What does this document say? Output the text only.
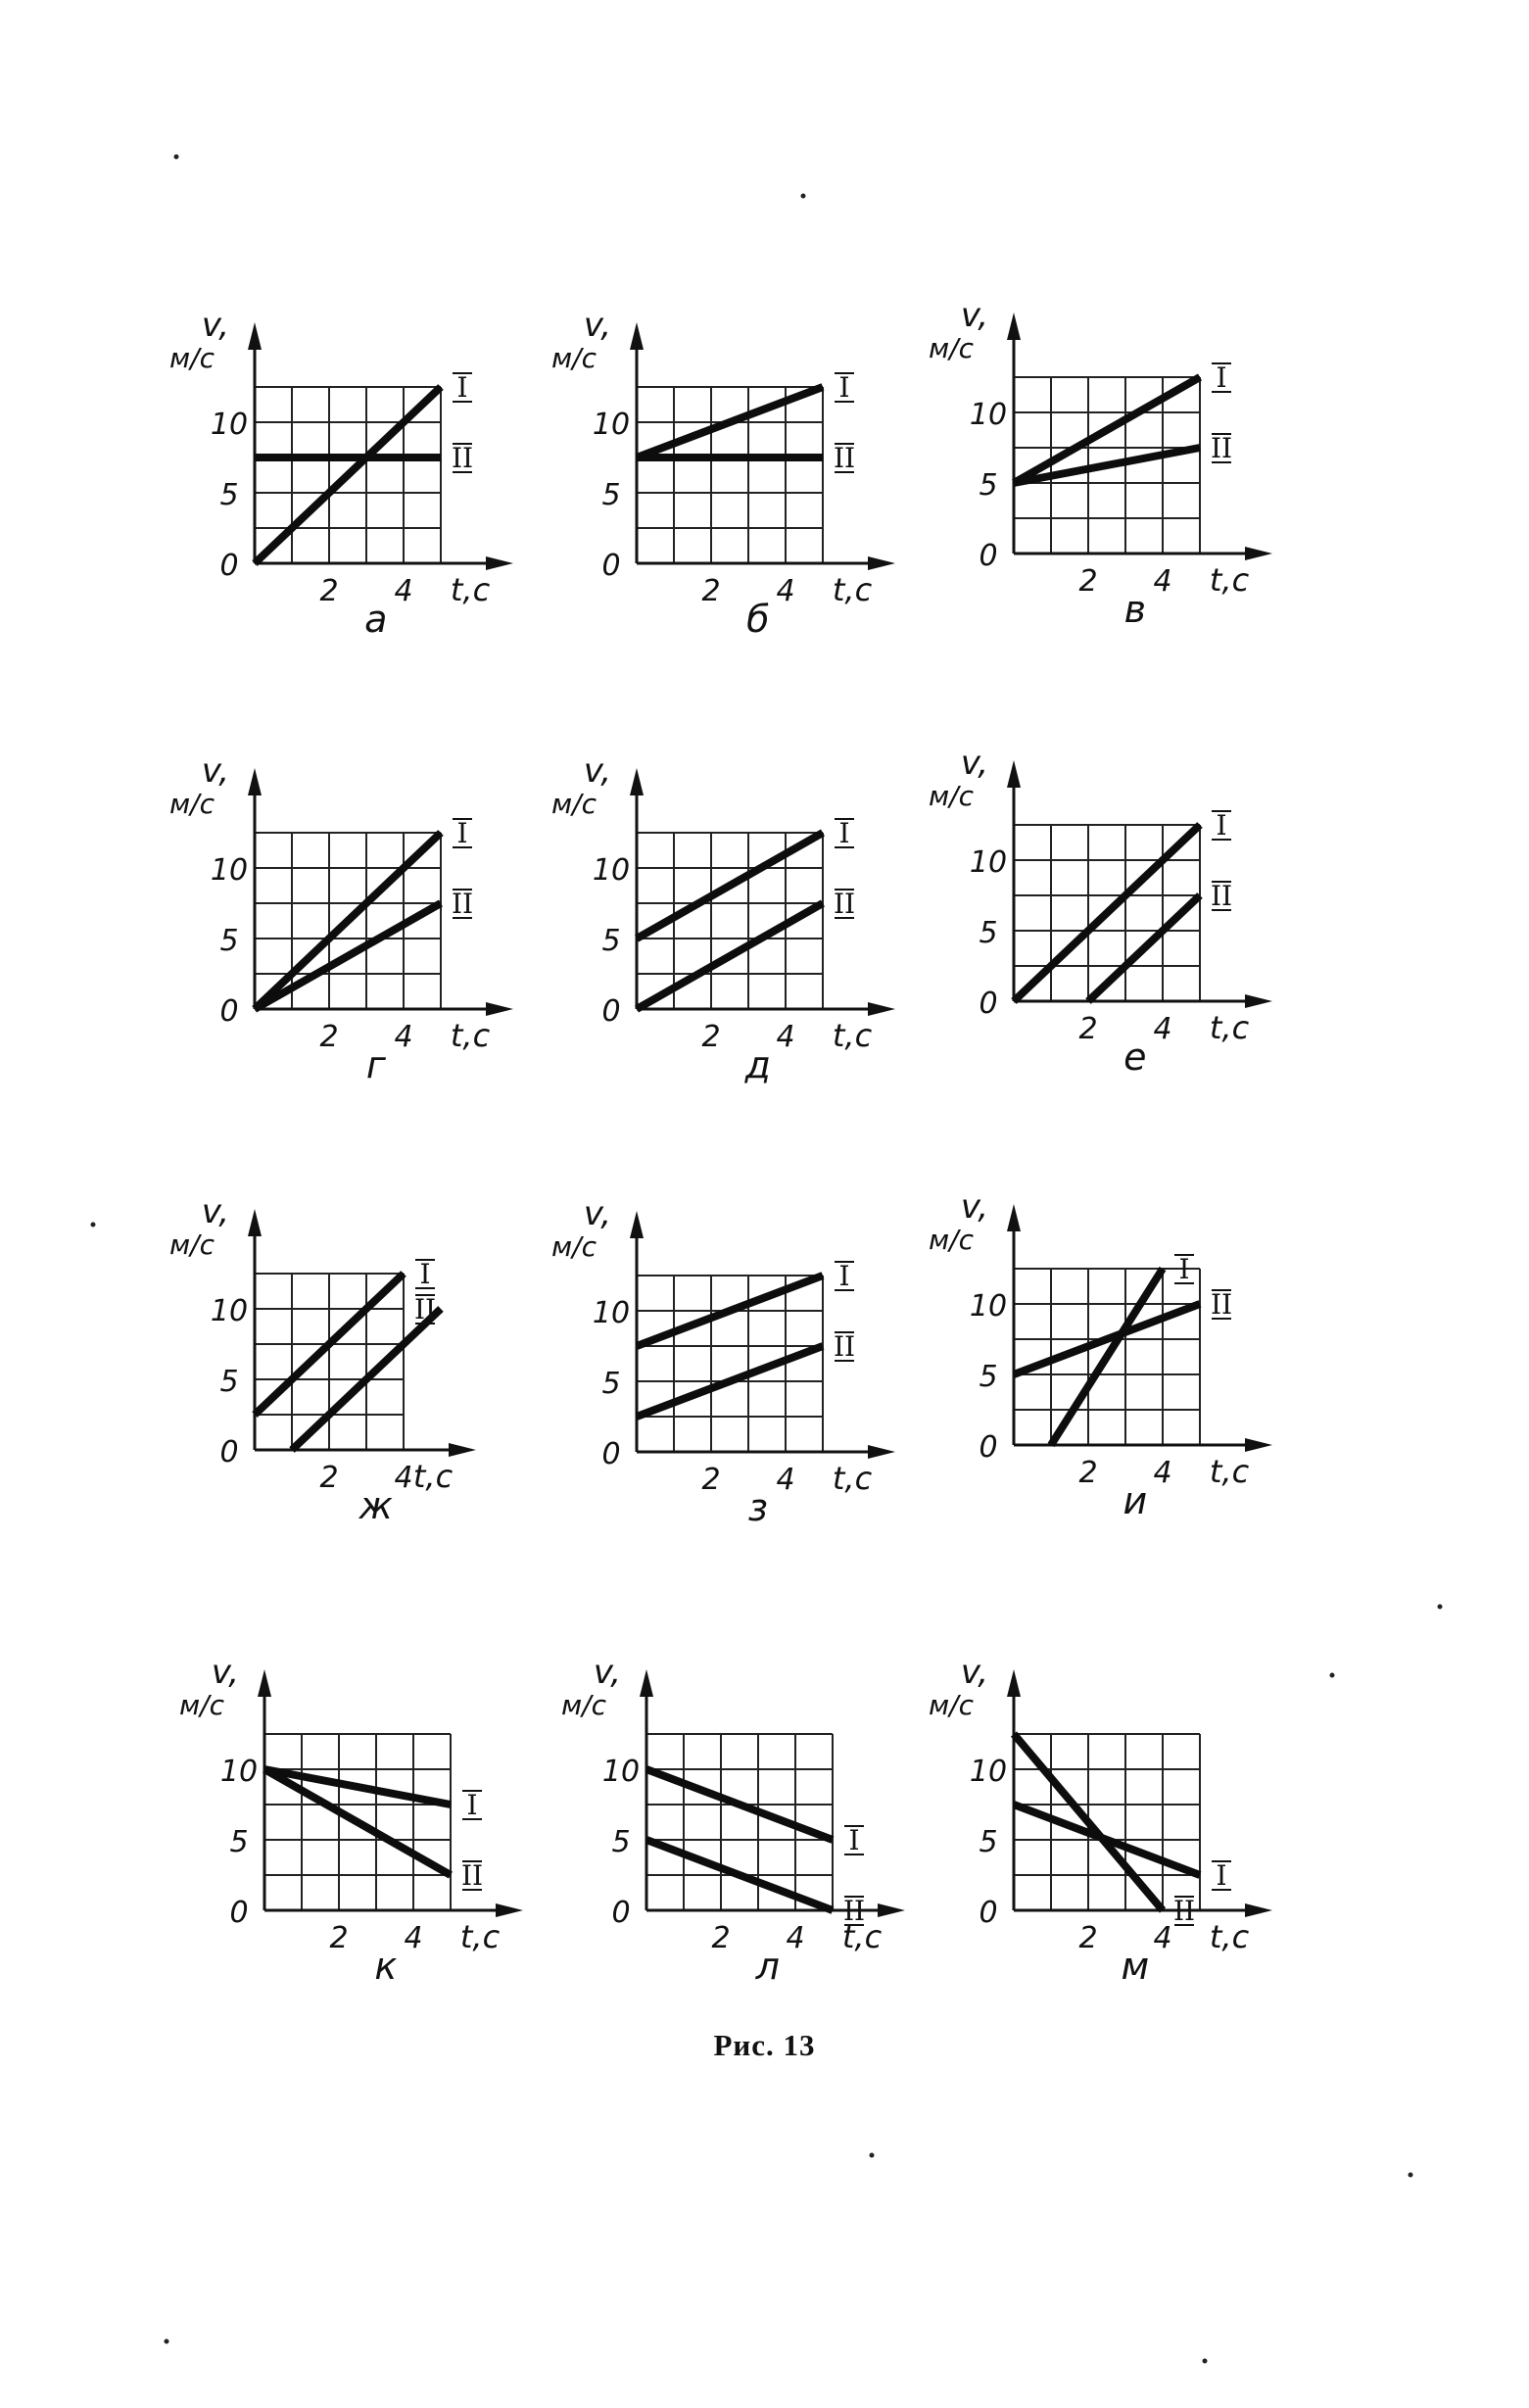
0
5
10
2 4 t,с
v,
м/с
I
II
а
0
5
10
2 4 t,с
v,
м/с
I
II
б
0
5
10
2 4 t,с
v,
м/с
I
II
в
0
5
10
2 4 t,с
v,
м/с
I
II
г
0
5
10
2 4 t,с
v,
м/с
I
II
д
0
5
10
2 4 t,с
v,
м/с
I
II
е
0
5
10
2 4 t,с
v,
м/с
I
II
ж
0
5
10
2 4 t,с
v,
м/с
I
II
з
0
5
10
2 4 t,с
v,
м/с
I
II
и
0
5
10
2 4 t,с
v,
м/с
I
II
к
0
5
10
2 4 t,с
v,
м/с
I
II
л
0
5
10
2 4 t,с
v,
м/с
I
II
м
Рис. 13
